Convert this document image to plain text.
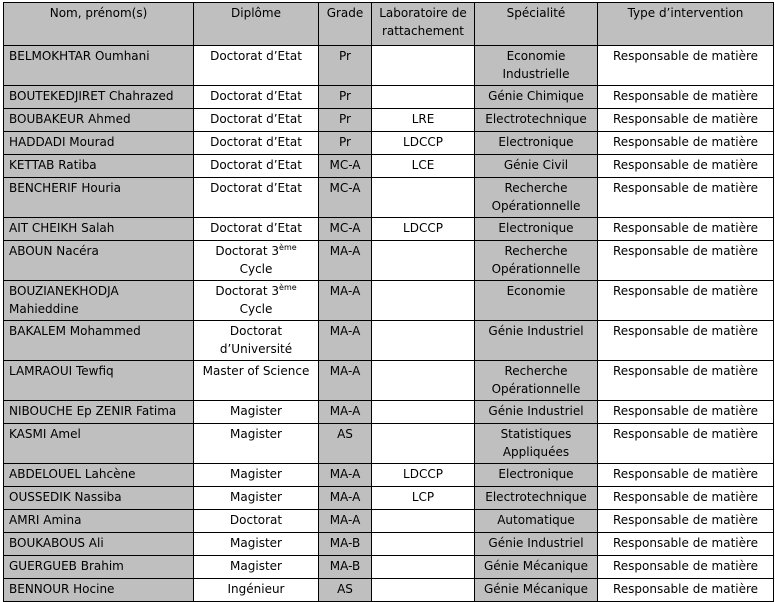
Nom, prénom(s)	Diplôme	Grade	Laboratoire de rattachement	Spécialité	Type d’intervention
BELMOKHTAR Oumhani	Doctorat d’Etat	Pr		Economie Industrielle	Responsable de matière
BOUTEKEDJIRET Chahrazed	Doctorat d’Etat	Pr		Génie Chimique	Responsable de matière
BOUBAKEUR Ahmed	Doctorat d’Etat	Pr	LRE	Electrotechnique	Responsable de matière
HADDADI Mourad	Doctorat d’Etat	Pr	LDCCP	Electronique	Responsable de matière
KETTAB Ratiba	Doctorat d’Etat	MC-A	LCE	Génie Civil	Responsable de matière
BENCHERIF Houria	Doctorat d’Etat	MC-A		Recherche Opérationnelle	Responsable de matière
AIT CHEIKH Salah	Doctorat d’Etat	MC-A	LDCCP	Electronique	Responsable de matière
ABOUN Nacéra	Doctorat 3ème Cycle	MA-A		Recherche Opérationnelle	Responsable de matière
BOUZIANEKHODJA Mahieddine	Doctorat 3ème Cycle	MA-A		Economie	Responsable de matière
BAKALEM Mohammed	Doctorat d’Université	MA-A		Génie Industriel	Responsable de matière
LAMRAOUI Tewfiq	Master of Science	MA-A		Recherche Opérationnelle	Responsable de matière
NIBOUCHE Ep ZENIR Fatima	Magister	MA-A		Génie Industriel	Responsable de matière
KASMI Amel	Magister	AS		Statistiques Appliquées	Responsable de matière
ABDELOUEL Lahcène	Magister	MA-A	LDCCP	Electronique	Responsable de matière
OUSSEDIK Nassiba	Magister	MA-A	LCP	Electrotechnique	Responsable de matière
AMRI Amina	Doctorat	MA-A		Automatique	Responsable de matière
BOUKABOUS Ali	Magister	MA-B		Génie Industriel	Responsable de matière
GUERGUEB Brahim	Magister	MA-B		Génie Mécanique	Responsable de matière
BENNOUR Hocine	Ingénieur	AS		Génie Mécanique	Responsable de matière
